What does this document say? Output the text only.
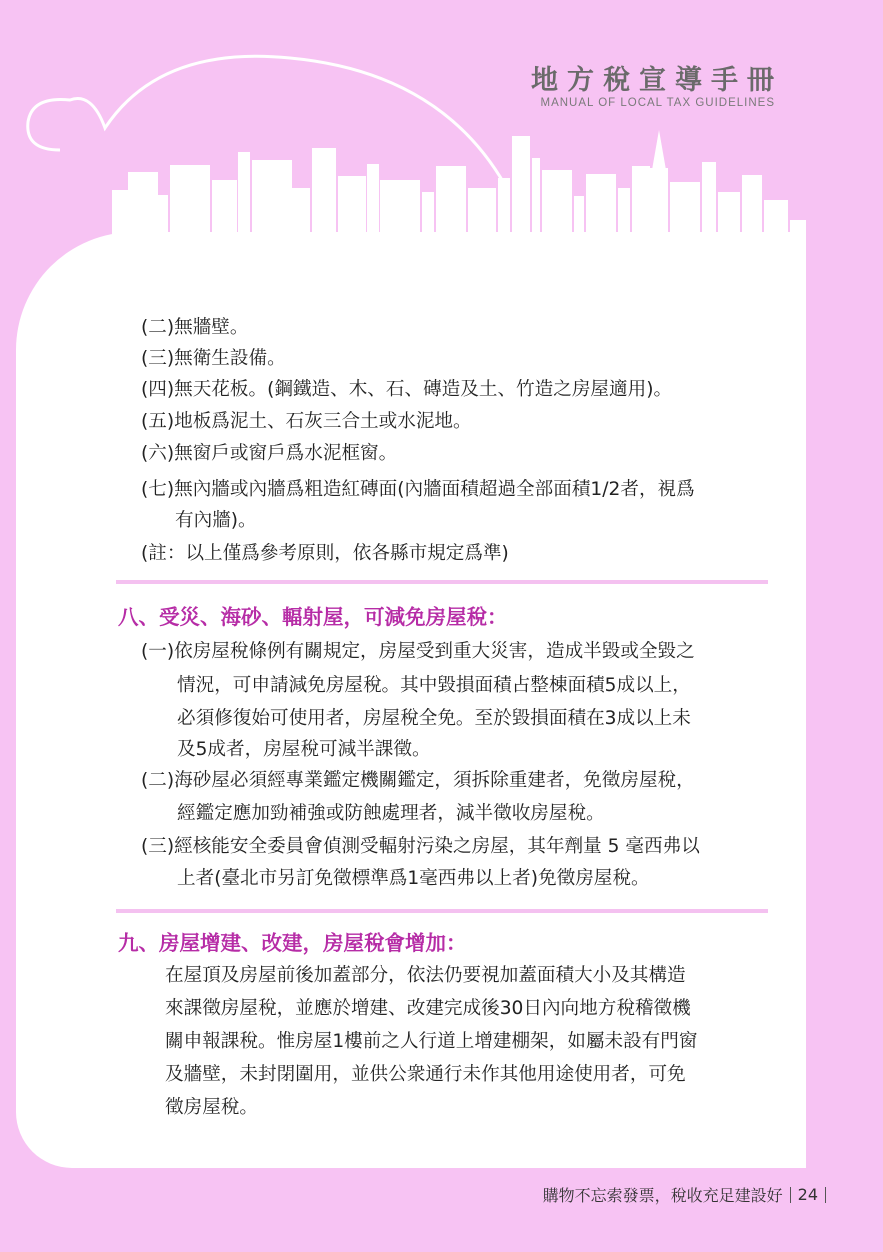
地方稅宣導手冊
MANUAL OF LOCAL TAX GUIDELINES
(二)無牆壁。
(三)無衛生設備。
(四)無天花板。(鋼鐵造、木、石、磚造及土、竹造之房屋適用)。
(五)地板爲泥土、石灰三合土或水泥地。
(六)無窗戶或窗戶爲水泥框窗。
(七)無內牆或內牆爲粗造紅磚面(內牆面積超過全部面積1/2者，視爲
有內牆)。
(註：以上僅爲參考原則，依各縣市規定爲準)
八、受災、海砂、輻射屋，可減免房屋稅：
(一)依房屋稅條例有關規定，房屋受到重大災害，造成半毀或全毀之
情況，可申請減免房屋稅。其中毀損面積占整棟面積5成以上，
必須修復始可使用者，房屋稅全免。至於毀損面積在3成以上未
及5成者，房屋稅可減半課徵。
(二)海砂屋必須經專業鑑定機關鑑定，須拆除重建者，免徵房屋稅，
經鑑定應加勁補強或防蝕處理者，減半徵收房屋稅。
(三)經核能安全委員會偵測受輻射污染之房屋，其年劑量 5 毫西弗以
上者(臺北市另訂免徵標準爲1毫西弗以上者)免徵房屋稅。
九、房屋增建、改建，房屋稅會增加：
在屋頂及房屋前後加蓋部分，依法仍要視加蓋面積大小及其構造
來課徵房屋稅，並應於增建、改建完成後30日內向地方稅稽徵機
關申報課稅。惟房屋1樓前之人行道上增建棚架，如屬未設有門窗
及牆壁，未封閉圍用，並供公衆通行未作其他用途使用者，可免
徵房屋稅。
購物不忘索發票，稅收充足建設好 24
